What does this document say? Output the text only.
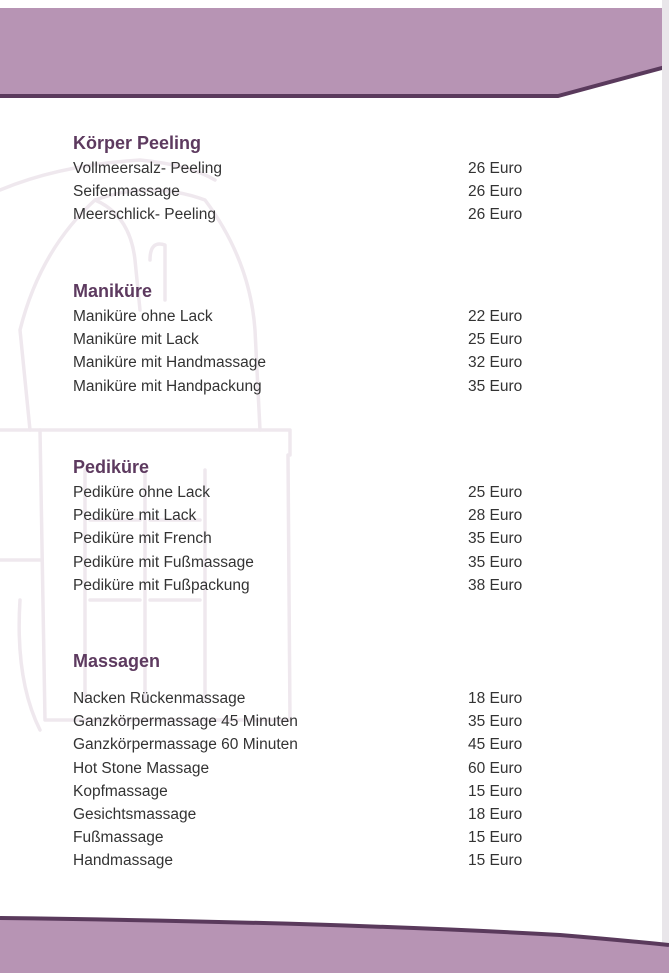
Körper Peeling
Vollmeersalz- Peeling	26 Euro
Seifenmassage	26 Euro
Meerschlick- Peeling	26 Euro
Maniküre
Maniküre ohne Lack	22 Euro
Maniküre mit Lack	25 Euro
Maniküre mit Handmassage	32 Euro
Maniküre mit Handpackung	35 Euro
Pediküre
Pediküre ohne Lack	25 Euro
Pediküre mit Lack	28 Euro
Pediküre mit French	35 Euro
Pediküre mit Fußmassage	35 Euro
Pediküre mit Fußpackung	38 Euro
Massagen
Nacken Rückenmassage	18 Euro
Ganzkörpermassage 45 Minuten	35 Euro
Ganzkörpermassage 60 Minuten	45 Euro
Hot Stone Massage	60 Euro
Kopfmassage	15 Euro
Gesichtsmassage	18 Euro
Fußmassage	15 Euro
Handmassage	15 Euro
